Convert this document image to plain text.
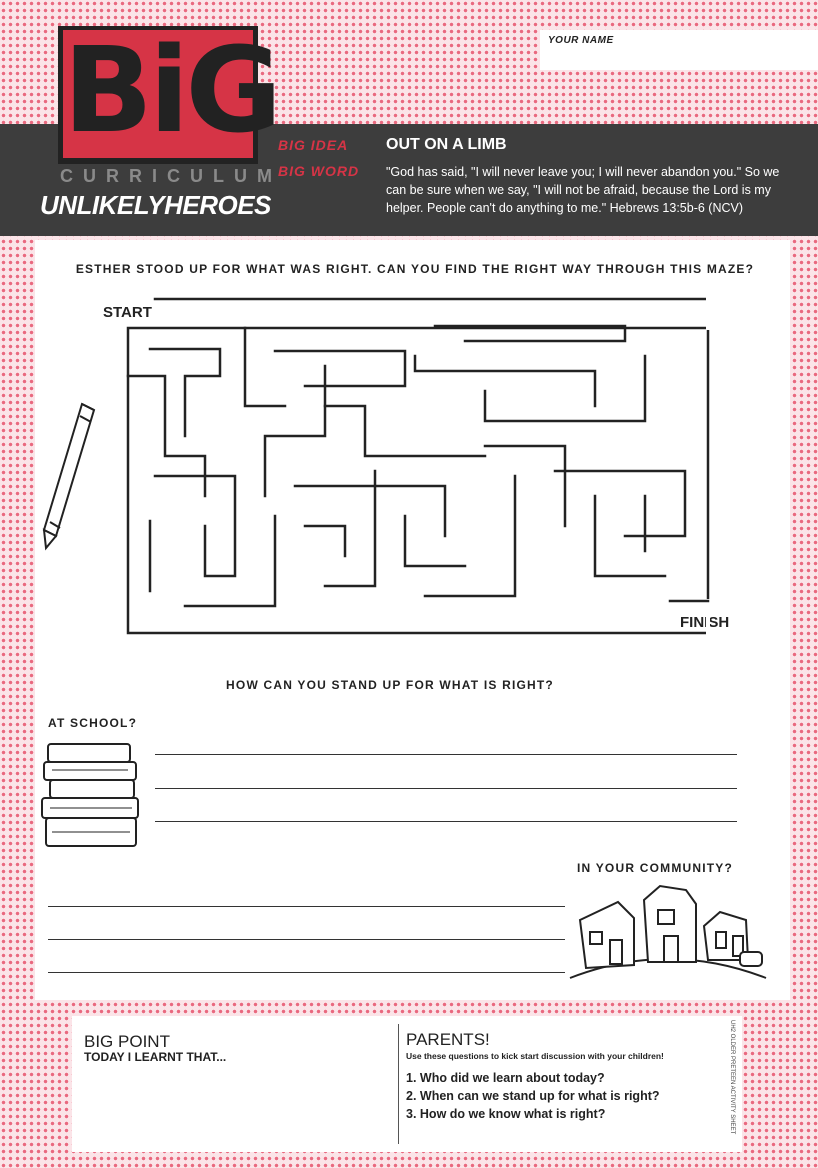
YOUR NAME
BiG
CURRICULUM
UNLIKELYHEROES
BIG IDEA
BIG WORD
OUT ON A LIMB
"God has said, "I will never leave you; I will never abandon you." So we can be sure when we say, "I will not be afraid, because the Lord is my helper. People can't do anything to me." Hebrews 13:5b-6 (NCV)
ESTHER STOOD UP FOR WHAT WAS RIGHT. CAN YOU FIND THE RIGHT WAY THROUGH THIS MAZE?
START
FINISH
HOW CAN YOU STAND UP FOR WHAT IS RIGHT?
AT SCHOOL?
IN YOUR COMMUNITY?
BIG POINT
TODAY I LEARNT THAT...
PARENTS!
Use these questions to kick start discussion with your children!
1. Who did we learn about today?
2. When can we stand up for what is right?
3. How do we know what is right?	UH2 OLDER PRETEEN ACTIVITY SHEET
